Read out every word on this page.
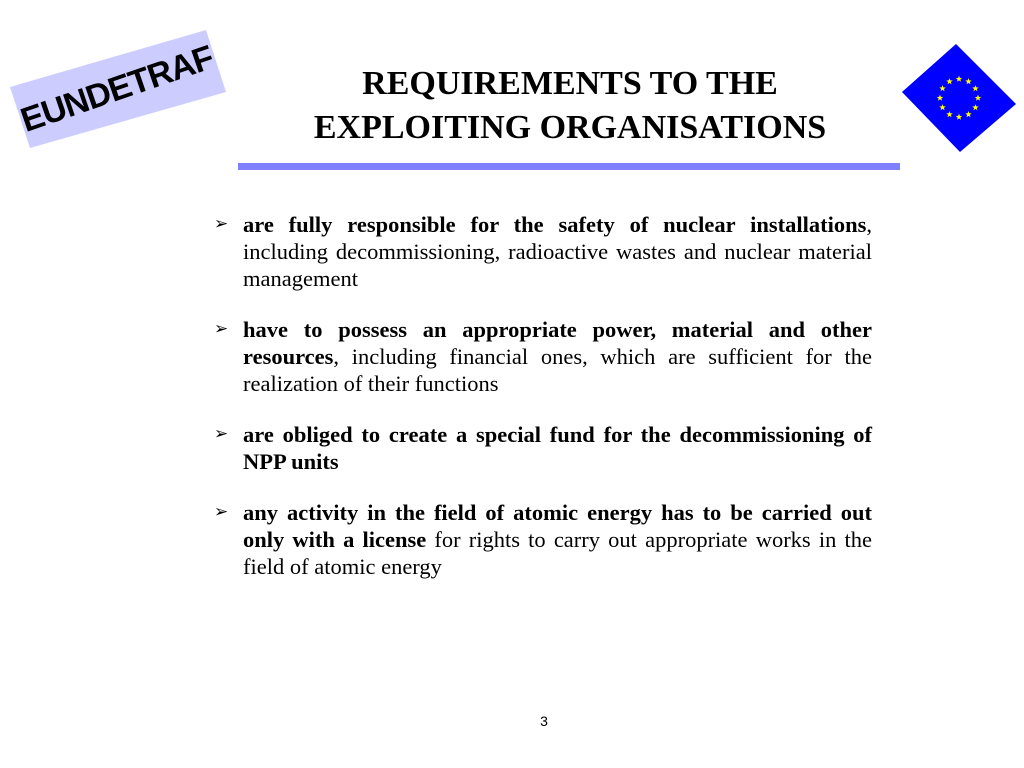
EUNDETRAF	REQUIREMENTS TO THE
EXPLOITING ORGANISATIONS
➢ are fully responsible for the safety of nuclear installations, including decommissioning, radioactive wastes and nuclear material management
➢ have to possess an appropriate power, material and other resources, including financial ones, which are sufficient for the realization of their functions
➢ are obliged to create a special fund for the decommissioning of NPP units
➢ any activity in the field of atomic energy has to be carried out only with a license for rights to carry out appropriate works in the field of atomic energy
3
